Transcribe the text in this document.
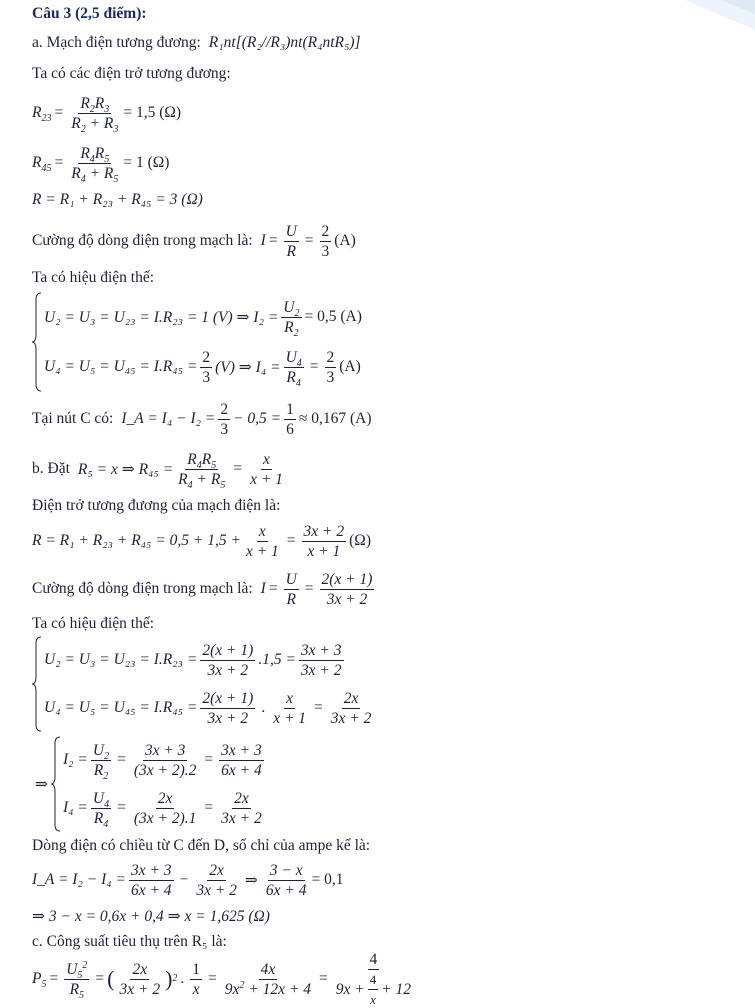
Câu 3 (2,5 điểm):

a. Mạch điện tương đương: R₁nt[(R₂//R₃)nt(R₄ntR₅)]

Ta có các điện trở tương đương:

$R_{23} = \frac{R_2R_3}{R_2 + R_3} = 1,5$ (Ω)
$R_{45} = \frac{R_4R_5}{R_4 + R_5} = 1$ (Ω)
R = R₁ + R₂₃ + R₄₅ = 3 (Ω)
Cường độ dòng điện trong mạch là: $I = \frac{U}{R} = \frac{2}{3} (A)$

Ta có hiệu điện thế:

U₂ = U₃ = U₂₃ = I.R₂₃ = 1 (V) ⇒ $I_2 = \frac{U_2}{R_2} = 0,5$ (A)
$U_4 = U_5 = U_{45} = I.R_{45} = \frac{2}{3} (V)$ ⇒ $I_4 = \frac{U_4}{R_4} = \frac{2}{3} (A)$
Tại nút C có: I_A = $I_4 - I_2 = \frac{2}{3} - 0,5 = \frac{1}{6} \approx 0,167$ (A)
b. Đặt R₅ = x ⇒ $R_{45} = \frac{R_4R_5}{R_4 + R_5} = \frac{x}{x + 1}$

Điện trở tương đương của mạch điện là:

$R = R_1 + R_{23} + R_{45} = 0,5 + 1,5 + \frac{x}{x + 1} = \frac{3x + 2}{x + 1} (\Omega)$
Cường độ dòng điện trong mạch là: $I = \frac{U}{R} = \frac{2(x + 1)}{3x + 2}$

Ta có hiệu điện thế:

$U_2 = U_3 = U_{23} = I.R_{23} = \frac{2(x + 1)}{3x + 2} .1,5 = \frac{3x + 3}{3x + 2}$
$U_4 = U_5 = U_{45} = I.R_{45} = \frac{2(x + 1)}{3x + 2}$ . $\frac{x}{x + 1} = \frac{2x}{3x + 2}$
⇒
$I_2 = \frac{U_2}{R_2} = \frac{3x + 3}{(3x + 2).2} = \frac{3x + 3}{6x + 4}$
$I_4 = \frac{U_4}{R_4} = \frac{2x}{(3x + 2).1} = \frac{2x}{3x + 2}$

Dòng điện có chiều từ C đến D, số chỉ của ampe kế là:

I_A = $I_2 - I_4 = \frac{3x + 3}{6x + 4} - \frac{2x}{3x + 2}$ ⇒ $\frac{3 - x}{6x + 4} = 0,1$
⇒ 3 − x = 0,6x + 0,4 ⇒ x = 1,625 (Ω)

c. Công suất tiêu thụ trên R₅ là:

$P_5 = \frac{U_5^2}{R_5}$ = ( $\frac{2x}{3x + 2}$ ) 2 . $\frac{1}{x} = \frac{4x}{9x^2 + 12x + 4} = \frac{4}{9x + \frac{4}{x} + 12}$
